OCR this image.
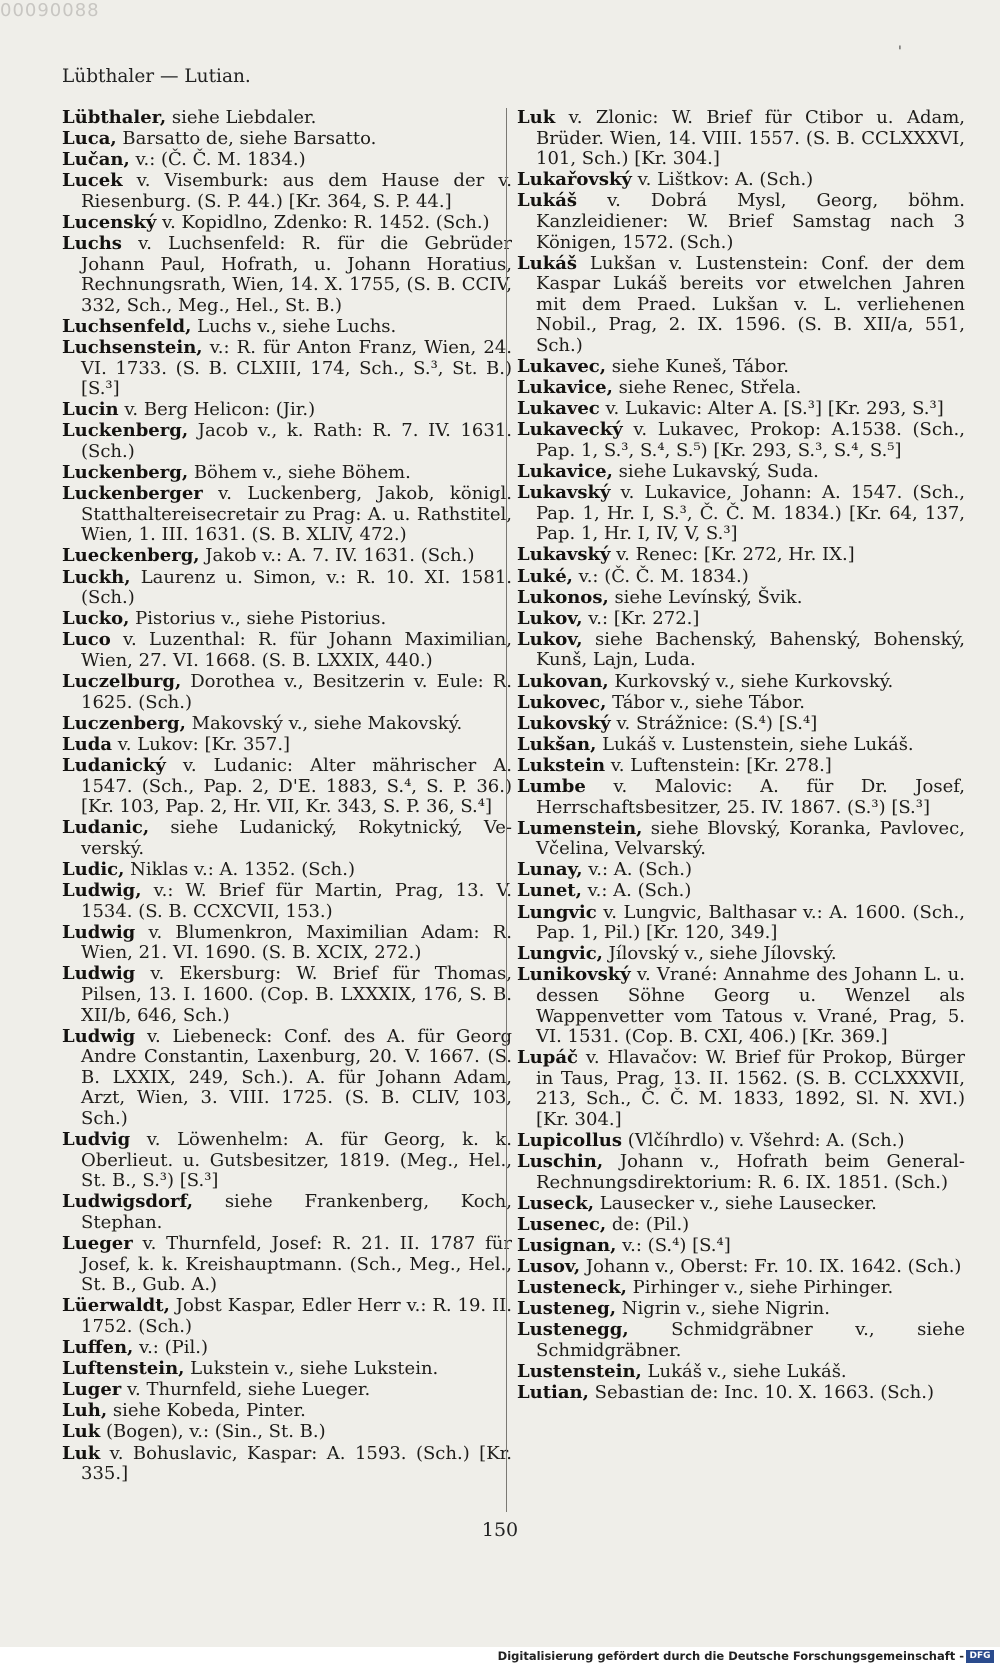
00090088
'
Lübthaler — Lutian.

Lübthaler, siehe Liebdaler.

Luca, Barsatto de, siehe Barsatto.

Lučan, v.: (Č. Č. M. 1834.)

Lucek v. Visemburk: aus dem Hause der v. Riesenburg. (S. P. 44.) [Kr. 364, S. P. 44.]

Lucenský v. Kopidlno, Zdenko: R. 1452. (Sch.)

Luchs v. Luchsenfeld: R. für die Gebrüder Johann Paul, Hofrath, u. Johann Horatius, Rechnungsrath, Wien, 14. X. 1755, (S. B. CCIV, 332, Sch., Meg., Hel., St. B.)

Luchsenfeld, Luchs v., siehe Luchs.

Luchsenstein, v.: R. für Anton Franz, Wien, 24. VI. 1733. (S. B. CLXIII, 174, Sch., S.³, St. B.) [S.³]

Lucin v. Berg Helicon: (Jir.)

Luckenberg, Jacob v., k. Rath: R. 7. IV. 1631. (Sch.)

Luckenberg, Böhem v., siehe Böhem.

Luckenberger v. Luckenberg, Jakob, königl. Statthaltereisecretair zu Prag: A. u. Rathstitel, Wien, 1. III. 1631. (S. B. XLIV, 472.)

Lueckenberg, Jakob v.: A. 7. IV. 1631. (Sch.)

Luckh, Laurenz u. Simon, v.: R. 10. XI. 1581. (Sch.)

Lucko, Pistorius v., siehe Pistorius.

Luco v. Luzenthal: R. für Johann Maximilian, Wien, 27. VI. 1668. (S. B. LXXIX, 440.)

Luczelburg, Dorothea v., Besitzerin v. Eule: R. 1625. (Sch.)

Luczenberg, Makovský v., siehe Makovský.

Luda v. Lukov: [Kr. 357.]

Ludanický v. Ludanic: Alter mährischer A. 1547. (Sch., Pap. 2, D'E. 1883, S.⁴, S. P. 36.) [Kr. 103, Pap. 2, Hr. VII, Kr. 343, S. P. 36, S.⁴]

Ludanic, siehe Ludanický, Rokytnický, Ve-verský.

Ludic, Niklas v.: A. 1352. (Sch.)

Ludwig, v.: W. Brief für Martin, Prag, 13. V. 1534. (S. B. CCXCVII, 153.)

Ludwig v. Blumenkron, Maximilian Adam: R. Wien, 21. VI. 1690. (S. B. XCIX, 272.)

Ludwig v. Ekersburg: W. Brief für Thomas, Pilsen, 13. I. 1600. (Cop. B. LXXXIX, 176, S. B. XII/b, 646, Sch.)

Ludwig v. Liebeneck: Conf. des A. für Georg Andre Constantin, Laxenburg, 20. V. 1667. (S. B. LXXIX, 249, Sch.). A. für Johann Adam, Arzt, Wien, 3. VIII. 1725. (S. B. CLIV, 103, Sch.)

Ludvig v. Löwenhelm: A. für Georg, k. k. Oberlieut. u. Gutsbesitzer, 1819. (Meg., Hel., St. B., S.³) [S.³]

Ludwigsdorf, siehe Frankenberg, Koch, Stephan.

Lueger v. Thurnfeld, Josef: R. 21. II. 1787 für Josef, k. k. Kreishauptmann. (Sch., Meg., Hel., St. B., Gub. A.)

Lüerwaldt, Jobst Kaspar, Edler Herr v.: R. 19. II. 1752. (Sch.)

Luffen, v.: (Pil.)

Luftenstein, Lukstein v., siehe Lukstein.

Luger v. Thurnfeld, siehe Lueger.

Luh, siehe Kobeda, Pinter.

Luk (Bogen), v.: (Sin., St. B.)

Luk v. Bohuslavic, Kaspar: A. 1593. (Sch.) [Kr. 335.]

Luk v. Zlonic: W. Brief für Ctibor u. Adam, Brüder. Wien, 14. VIII. 1557. (S. B. CCLXXXVI, 101, Sch.) [Kr. 304.]

Lukařovský v. Lištkov: A. (Sch.)

Lukáš v. Dobrá Mysl, Georg, böhm. Kanzleidiener: W. Brief Samstag nach 3 Königen, 1572. (Sch.)

Lukáš Lukšan v. Lustenstein: Conf. der dem Kaspar Lukáš bereits vor etwelchen Jahren mit dem Praed. Lukšan v. L. verliehenen Nobil., Prag, 2. IX. 1596. (S. B. XII/a, 551, Sch.)

Lukavec, siehe Kuneš, Tábor.

Lukavice, siehe Renec, Střela.

Lukavec v. Lukavic: Alter A. [S.³] [Kr. 293, S.³]

Lukavecký v. Lukavec, Prokop: A.1538. (Sch., Pap. 1, S.³, S.⁴, S.⁵) [Kr. 293, S.³, S.⁴, S.⁵]

Lukavice, siehe Lukavský, Suda.

Lukavský v. Lukavice, Johann: A. 1547. (Sch., Pap. 1, Hr. I, S.³, Č. Č. M. 1834.) [Kr. 64, 137, Pap. 1, Hr. I, IV, V, S.³]

Lukavský v. Renec: [Kr. 272, Hr. IX.]

Luké, v.: (Č. Č. M. 1834.)

Lukonos, siehe Levínský, Švik.

Lukov, v.: [Kr. 272.]

Lukov, siehe Bachenský, Bahenský, Bohenský, Kunš, Lajn, Luda.

Lukovan, Kurkovský v., siehe Kurkovský.

Lukovec, Tábor v., siehe Tábor.

Lukovský v. Strážnice: (S.⁴) [S.⁴]

Lukšan, Lukáš v. Lustenstein, siehe Lukáš.

Lukstein v. Luftenstein: [Kr. 278.]

Lumbe v. Malovic: A. für Dr. Josef, Herrschaftsbesitzer, 25. IV. 1867. (S.³) [S.³]

Lumenstein, siehe Blovský, Koranka, Pavlovec, Včelina, Velvarský.

Lunay, v.: A. (Sch.)

Lunet, v.: A. (Sch.)

Lungvic v. Lungvic, Balthasar v.: A. 1600. (Sch., Pap. 1, Pil.) [Kr. 120, 349.]

Lungvic, Jílovský v., siehe Jílovský.

Lunikovský v. Vrané: Annahme des Johann L. u. dessen Söhne Georg u. Wenzel als Wappenvetter vom Tatous v. Vrané, Prag, 5. VI. 1531. (Cop. B. CXI, 406.) [Kr. 369.]

Lupáč v. Hlavačov: W. Brief für Prokop, Bürger in Taus, Prag, 13. II. 1562. (S. B. CCLXXXVII, 213, Sch., Č. Č. M. 1833, 1892, Sl. N. XVI.) [Kr. 304.]

Lupicollus (Vlčíhrdlo) v. Všehrd: A. (Sch.)

Luschin, Johann v., Hofrath beim General-Rechnungsdirektorium: R. 6. IX. 1851. (Sch.)

Luseck, Lausecker v., siehe Lausecker.

Lusenec, de: (Pil.)

Lusignan, v.: (S.⁴) [S.⁴]

Lusov, Johann v., Oberst: Fr. 10. IX. 1642. (Sch.)

Lusteneck, Pirhinger v., siehe Pirhinger.

Lusteneg, Nigrin v., siehe Nigrin.

Lustenegg, Schmidgräbner v., siehe Schmidgräbner.

Lustenstein, Lukáš v., siehe Lukáš.

Lutian, Sebastian de: Inc. 10. X. 1663. (Sch.)

150
Digitalisierung gefördert durch die Deutsche Forschungsgemeinschaft - DFG
